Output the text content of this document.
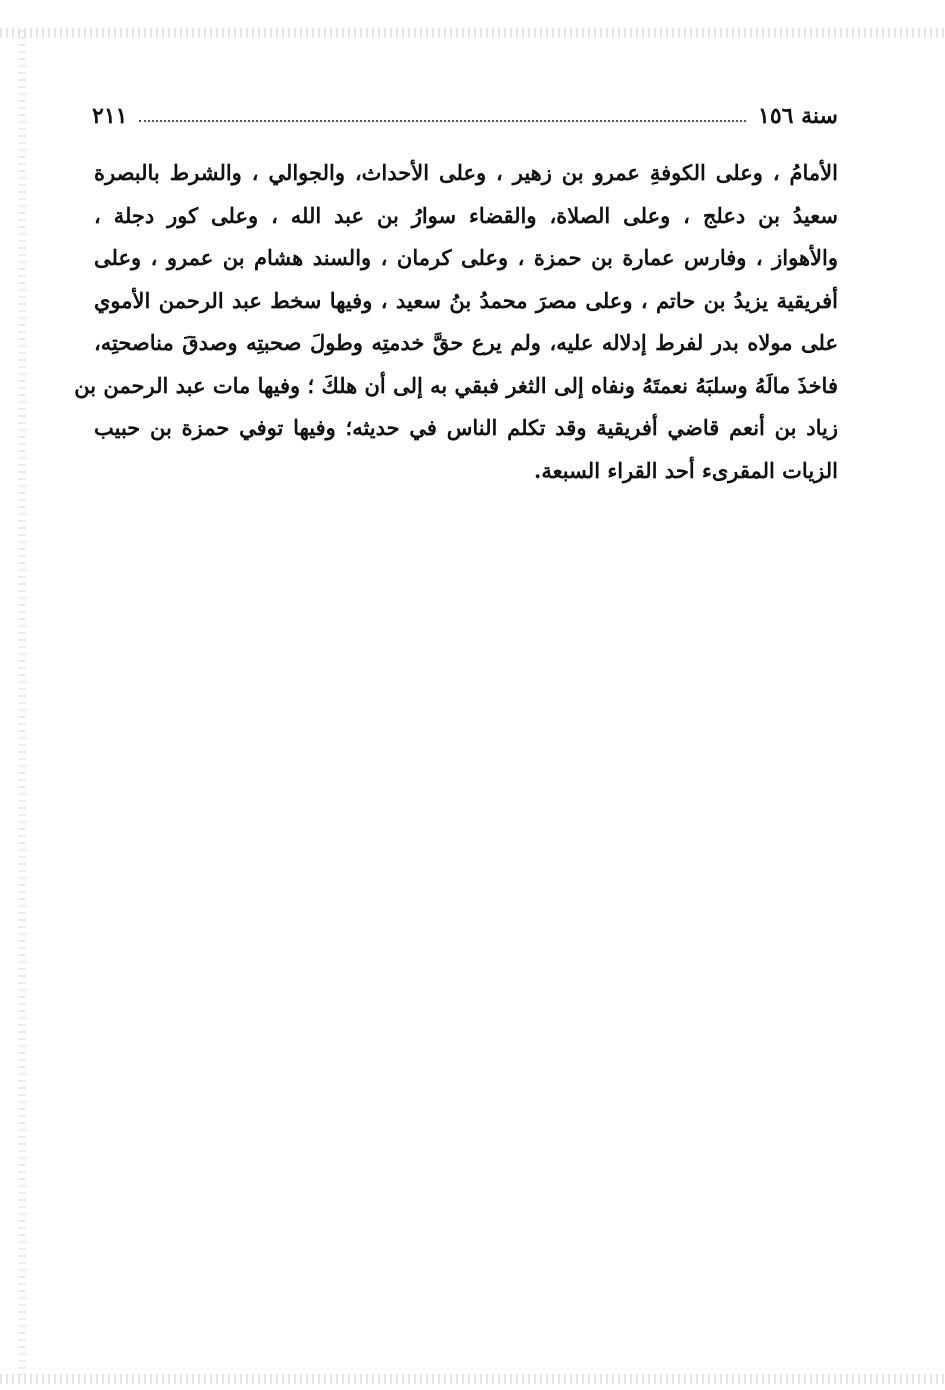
سنة ١٥٦
٢١١
الأمامُ ، وعلى الكوفةِ عمرو بن زهير ، وعلى الأحداث، والجوالي ، والشرط بالبصرة
سعيدُ بن دعلج ، وعلى الصلاة، والقضاء سوارُ بن عبد الله ، وعلى كور دجلة ،
والأهواز ، وفارس عمارة بن حمزة ، وعلى كرمان ، والسند هشام بن عمرو ، وعلى
أفريقية يزيدُ بن حاتم ، وعلى مصرَ محمدُ بنُ سعيد ، وفيها سخط عبد الرحمن الأموي
على مولاه بدر لفرط إدلاله عليه، ولم يرع حقَّ خدمتِه وطولَ صحبتِه وصدقَ مناصحتِه،
فاخذَ مالَهُ وسلبَهُ نعمتَهُ ونفاه إلى الثغر فبقي به إلى أن هلكَ ؛ وفيها مات عبد الرحمن بن
زياد بن أنعم قاضي أفريقية وقد تكلم الناس في حديثه؛ وفيها توفي حمزة بن حبيب
الزيات المقرىء أحد القراء السبعة.
